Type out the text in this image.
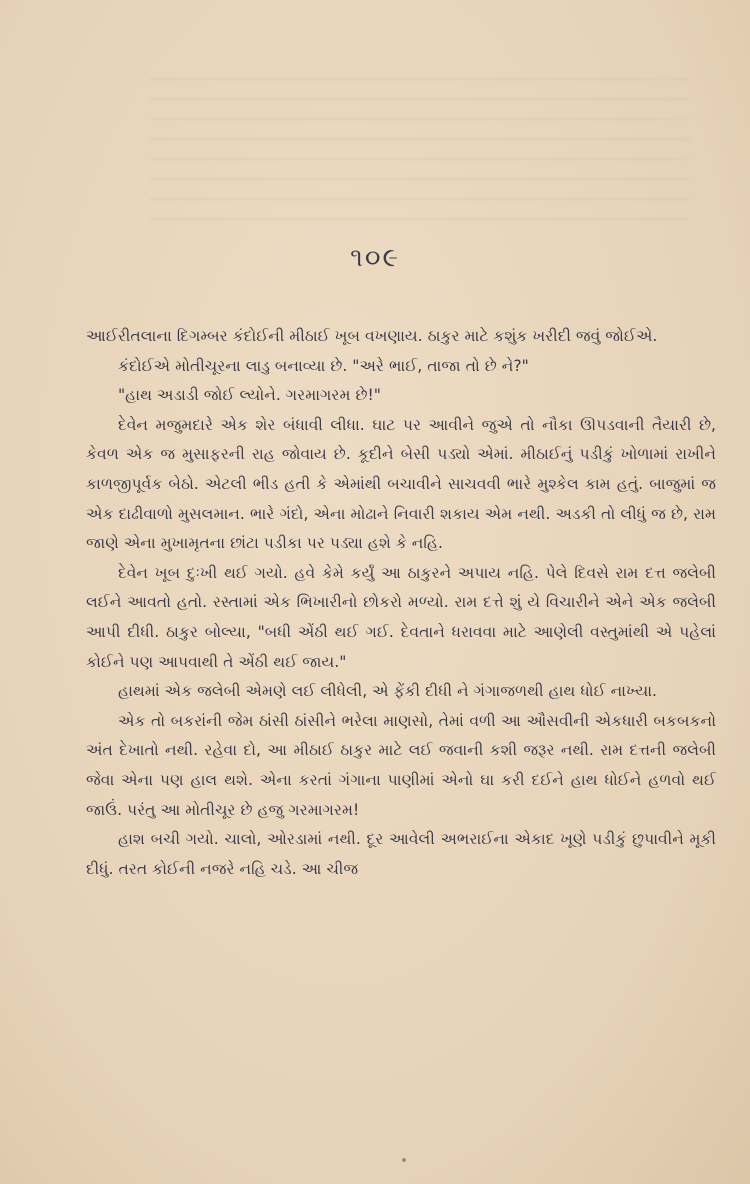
૧૦૯

આઈરીતલાના દિગમ્બર કંદોઈની મીઠાઈ ખૂબ વખણાય. ઠાકુર માટે કશુંક ખરીદી જવું જોઈએ.

કંદોઈએ મોતીચૂરના લાડુ બનાવ્યા છે. "અરે ભાઈ, તાજા તો છે ને?"

"હાથ અડાડી જોઈ લ્યોને. ગરમાગરમ છે!"

દેવેન મજુમદારે એક શેર બંધાવી લીધા. ઘાટ પર આવીને જુએ તો નૌકા ઊપડવાની તૈયારી છે, કેવળ એક જ મુસાફરની રાહ જોવાય છે. કૂદીને બેસી પડ્યો એમાં. મીઠાઈનું પડીકું ખોળામાં રાખીને કાળજીપૂર્વક બેઠો. એટલી ભીડ હતી કે એમાંથી બચાવીને સાચવવી ભારે મુશ્કેલ કામ હતું. બાજુમાં જ એક દાઢીવાળો મુસલમાન. ભારે ગંદો, એના મોઢાને નિવારી શકાય એમ નથી. અડકી તો લીધું જ છે, રામ જાણે એના મુખામૃતના છાંટા પડીકા પર પડ્યા હશે કે નહિ.

દેવેન ખૂબ દુઃખી થઈ ગયો. હવે કેમે કર્યું આ ઠાકુરને અપાય નહિ. પેલે દિવસે રામ દત્ત જલેબી લઈને આવતો હતો. રસ્તામાં એક ભિખારીનો છોકરો મળ્યો. રામ દત્તે શું યે વિચારીને એને એક જલેબી આપી દીધી. ઠાકુર બોલ્યા, "બધી એંઠી થઈ ગઈ. દેવતાને ધરાવવા માટે આણેલી વસ્તુમાંથી એ પહેલાં કોઈને પણ આપવાથી તે એંઠી થઈ જાય."

હાથમાં એક જલેબી એમણે લઈ લીધેલી, એ ફેંકી દીધી ને ગંગાજળથી હાથ ધોઈ નાખ્યા.

એક તો બકરાંની જેમ ઠાંસી ઠાંસીને ભરેલા માણસો, તેમાં વળી આ ઔસવીની એકધારી બકબકનો અંત દેખાતો નથી. રહેવા દો, આ મીઠાઈ ઠાકુર માટે લઈ જવાની કશી જરૂર નથી. રામ દત્તની જલેબી જેવા એના પણ હાલ થશે. એના કરતાં ગંગાના પાણીમાં એનો ઘા કરી દઈને હાથ ધોઈને હળવો થઈ જાઉં. પરંતુ આ મોતીચૂર છે હજુ ગરમાગરમ!

હાશ બચી ગયો. ચાલો, ઓરડામાં નથી. દૂર આવેલી અભરાઈના એકાદ ખૂણે પડીકું છુપાવીને મૂકી દીધું. તરત કોઈની નજરે નહિ ચડે. આ ચીજ
